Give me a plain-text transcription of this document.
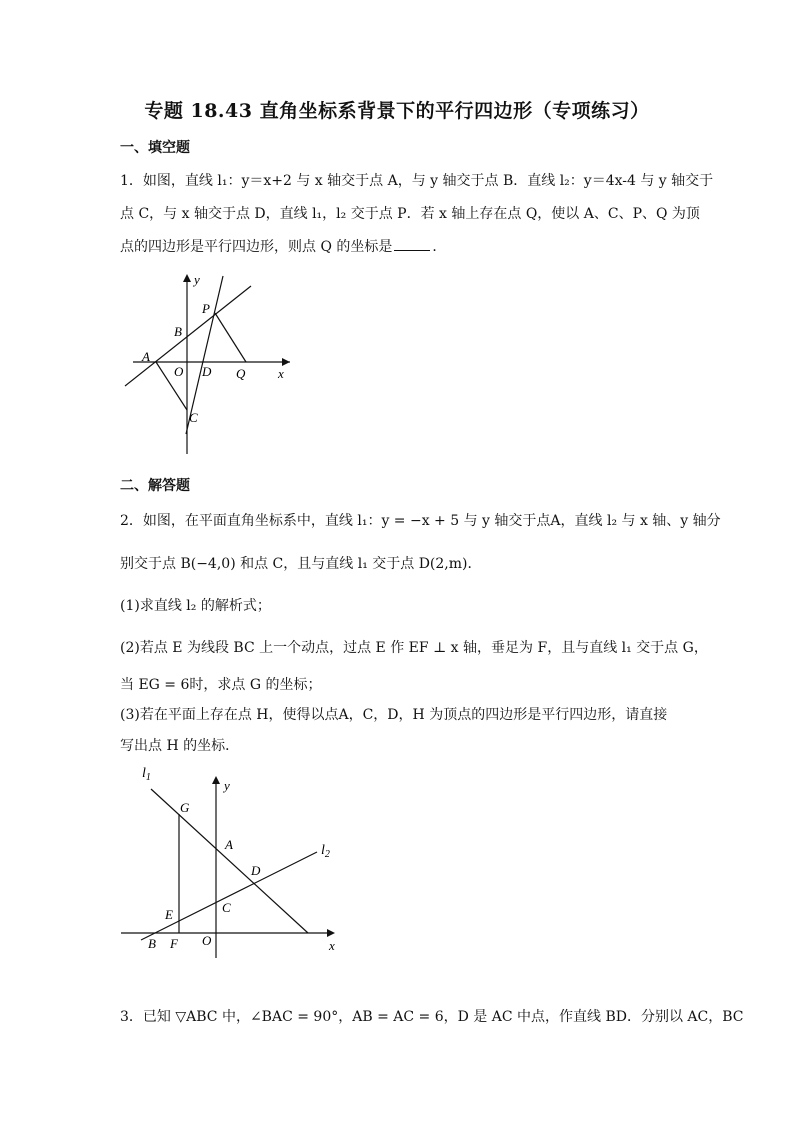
专题 18.43 直角坐标系背景下的平行四边形（专项练习）
一、填空题
1．如图，直线 l₁：y＝x+2 与 x 轴交于点 A，与 y 轴交于点 B．直线 l₂：y＝4x-4 与 y 轴交于
点 C，与 x 轴交于点 D，直线 l₁，l₂ 交于点 P．若 x 轴上存在点 Q，使以 A、C、P、Q 为顶
点的四边形是平行四边形，则点 Q 的坐标是	．
y
x
P
B
A
O D Q
C
二、解答题
2．如图，在平面直角坐标系中，直线 l₁：y = −x + 5 与 y 轴交于点A，直线 l₂ 与 x 轴、y 轴分
别交于点 B(−4,0) 和点 C，且与直线 l₁ 交于点 D(2,m)．
(1)求直线 l₂ 的解析式；
(2)若点 E 为线段 BC 上一个动点，过点 E 作 EF ⊥ x 轴，垂足为 F，且与直线 l₁ 交于点 G，
当 EG = 6时，求点 G 的坐标；
(3)若在平面上存在点 H，使得以点A，C，D，H 为顶点的四边形是平行四边形，请直接
写出点 H 的坐标．
$l_1$
y
$l_2$
G
A
D
C
E
B F O	x
3．已知 ▽ABC 中，∠BAC = 90°，AB = AC = 6，D 是 AC 中点，作直线 BD．分别以 AC，BC
